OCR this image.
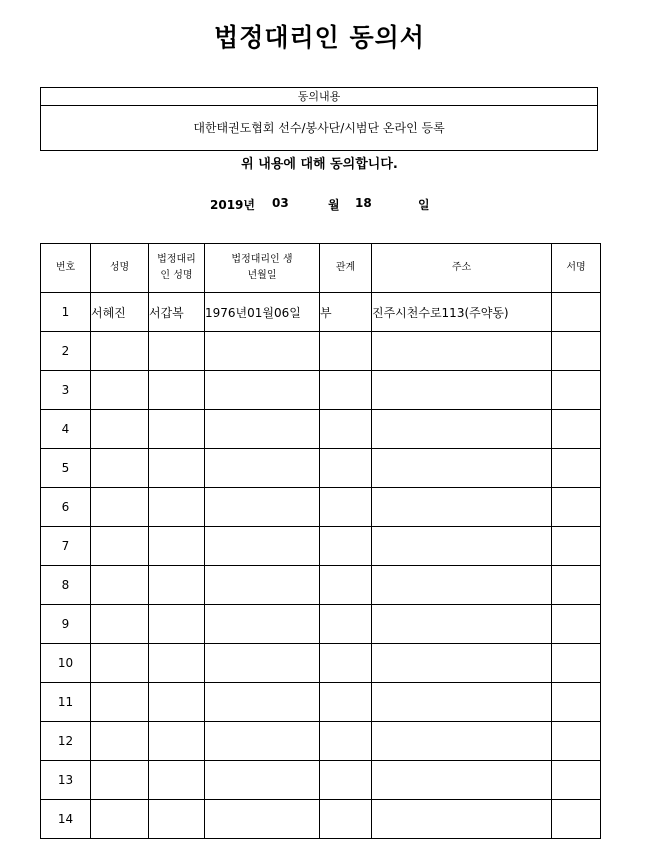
법정대리인 동의서
동의내용
대한태권도협회 선수/봉사단/시범단 온라인 등록
위 내용에 대해 동의합니다.
2019년 03	월 18	일
번호	성명	법정대리인 성명	법정대리인 생년월일	관계	주소	서명
1	서혜진	서갑복	1976년01월06일	부	진주시천수로113(주약동)	
2						
3						
4						
5						
6						
7						
8						
9						
10						
11						
12						
13						
14						
